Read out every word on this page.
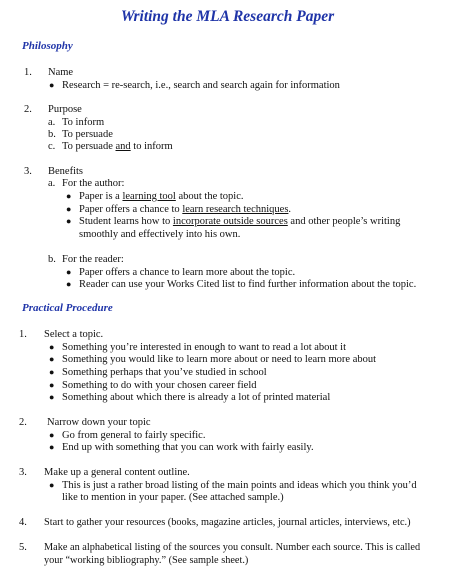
Writing the MLA Research Paper
Philosophy
1. Name
● Research = re-search, i.e., search and search again for information
2. Purpose
a. To inform
b. To persuade
c. To persuade and to inform
3. Benefits
a. For the author:
● Paper is a learning tool about the topic.
● Paper offers a chance to learn research techniques.
● Student learns how to incorporate outside sources and other people’s writing
smoothly and effectively into his own.
b. For the reader:
● Paper offers a chance to learn more about the topic.
● Reader can use your Works Cited list to find further information about the topic.
Practical Procedure
1. Select a topic.
● Something you’re interested in enough to want to read a lot about it
● Something you would like to learn more about or need to learn more about
● Something perhaps that you’ve studied in school
● Something to do with your chosen career field
● Something about which there is already a lot of printed material
2. Narrow down your topic
● Go from general to fairly specific.
● End up with something that you can work with fairly easily.
3. Make up a general content outline.
● This is just a rather broad listing of the main points and ideas which you think you’d
like to mention in your paper. (See attached sample.)
4. Start to gather your resources (books, magazine articles, journal articles, interviews, etc.)
5. Make an alphabetical listing of the sources you consult. Number each source. This is called
your “working bibliography.” (See sample sheet.)
